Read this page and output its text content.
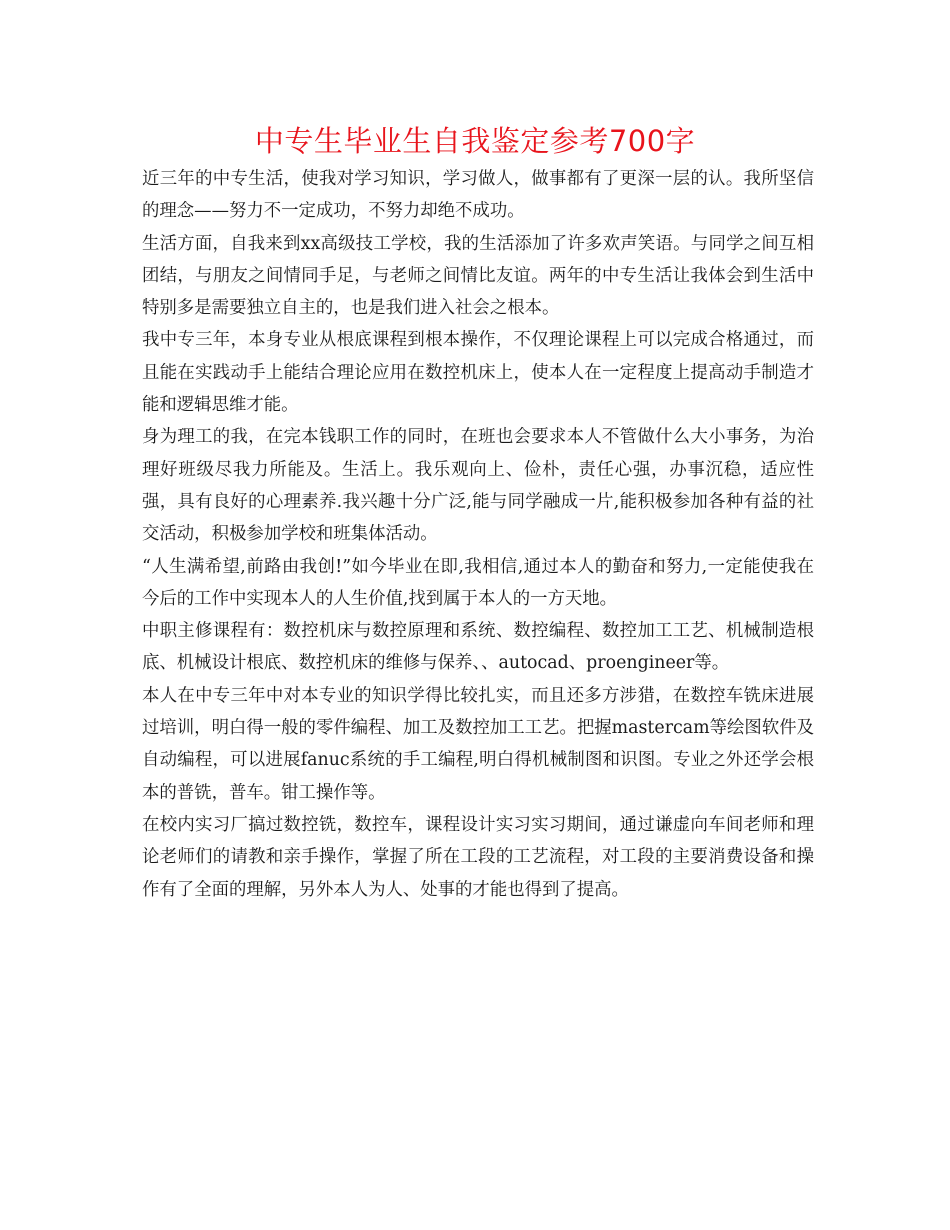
中专生毕业生自我鉴定参考700字

近三年的中专生活，使我对学习知识，学习做人，做事都有了更深一层的认。我所坚信的理念——努力不一定成功，不努力却绝不成功。

生活方面，自我来到xx高级技工学校，我的生活添加了许多欢声笑语。与同学之间互相团结，与朋友之间情同手足，与老师之间情比友谊。两年的中专生活让我体会到生活中特别多是需要独立自主的，也是我们进入社会之根本。

我中专三年，本身专业从根底课程到根本操作，不仅理论课程上可以完成合格通过，而且能在实践动手上能结合理论应用在数控机床上，使本人在一定程度上提高动手制造才能和逻辑思维才能。

身为理工的我，在完本钱职工作的同时，在班也会要求本人不管做什么大小事务，为治理好班级尽我力所能及。生活上。我乐观向上、俭朴，责任心强，办事沉稳，适应性强，具有良好的心理素养.我兴趣十分广泛,能与同学融成一片,能积极参加各种有益的社交活动，积极参加学校和班集体活动。

“人生满希望,前路由我创!”如今毕业在即,我相信,通过本人的勤奋和努力,一定能使我在今后的工作中实现本人的人生价值,找到属于本人的一方天地。

中职主修课程有：数控机床与数控原理和系统、数控编程、数控加工工艺、机械制造根底、机械设计根底、数控机床的维修与保养、、autocad、proengineer等。

本人在中专三年中对本专业的知识学得比较扎实，而且还多方涉猎，在数控车铣床进展过培训，明白得一般的零件编程、加工及数控加工工艺。把握mastercam等绘图软件及自动编程，可以进展fanuc系统的手工编程,明白得机械制图和识图。专业之外还学会根本的普铣，普车。钳工操作等。

在校内实习厂搞过数控铣，数控车，课程设计实习实习期间，通过谦虚向车间老师和理论老师们的请教和亲手操作，掌握了所在工段的工艺流程，对工段的主要消费设备和操作有了全面的理解，另外本人为人、处事的才能也得到了提高。
